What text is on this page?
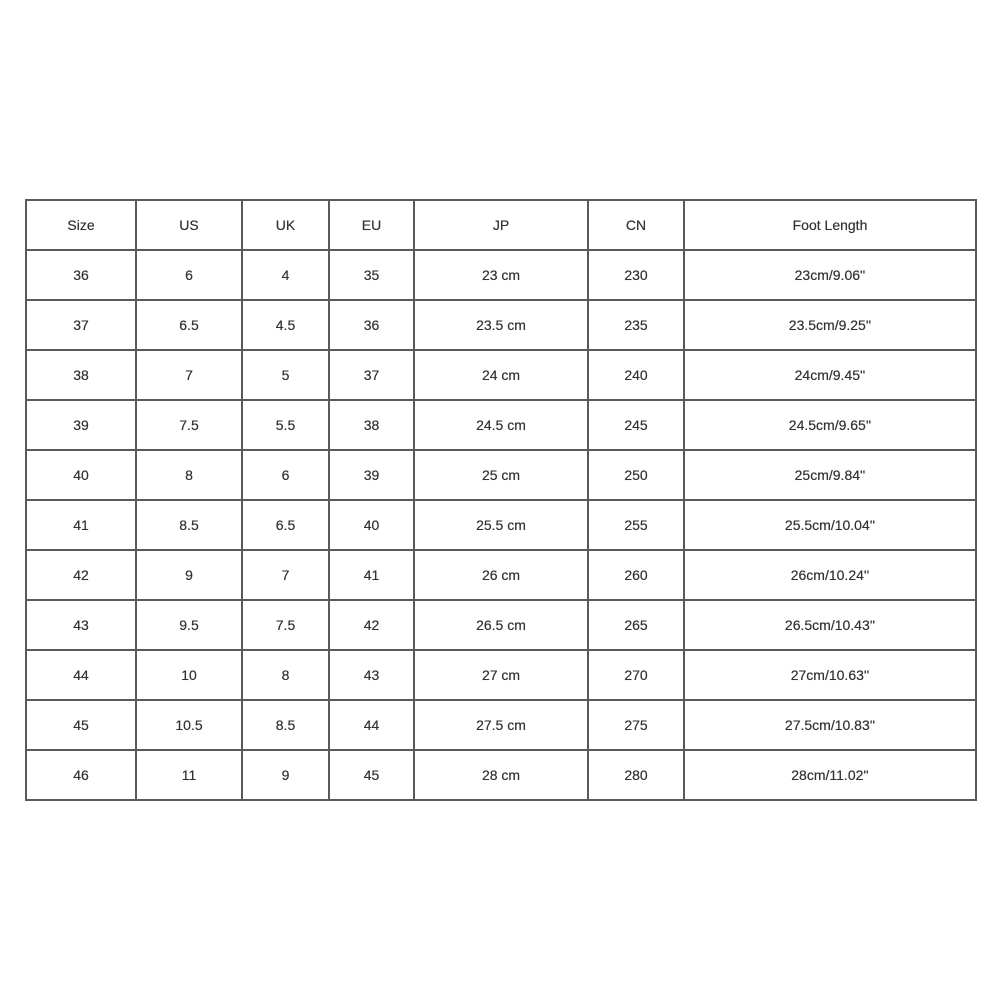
Size	US	UK	EU	JP	CN	Foot Length
36	6	4	35	23 cm	230	23cm/9.06''
37	6.5	4.5	36	23.5 cm	235	23.5cm/9.25''
38	7	5	37	24 cm	240	24cm/9.45''
39	7.5	5.5	38	24.5 cm	245	24.5cm/9.65''
40	8	6	39	25 cm	250	25cm/9.84''
41	8.5	6.5	40	25.5 cm	255	25.5cm/10.04''
42	9	7	41	26 cm	260	26cm/10.24''
43	9.5	7.5	42	26.5 cm	265	26.5cm/10.43''
44	10	8	43	27 cm	270	27cm/10.63''
45	10.5	8.5	44	27.5 cm	275	27.5cm/10.83''
46	11	9	45	28 cm	280	28cm/11.02''
